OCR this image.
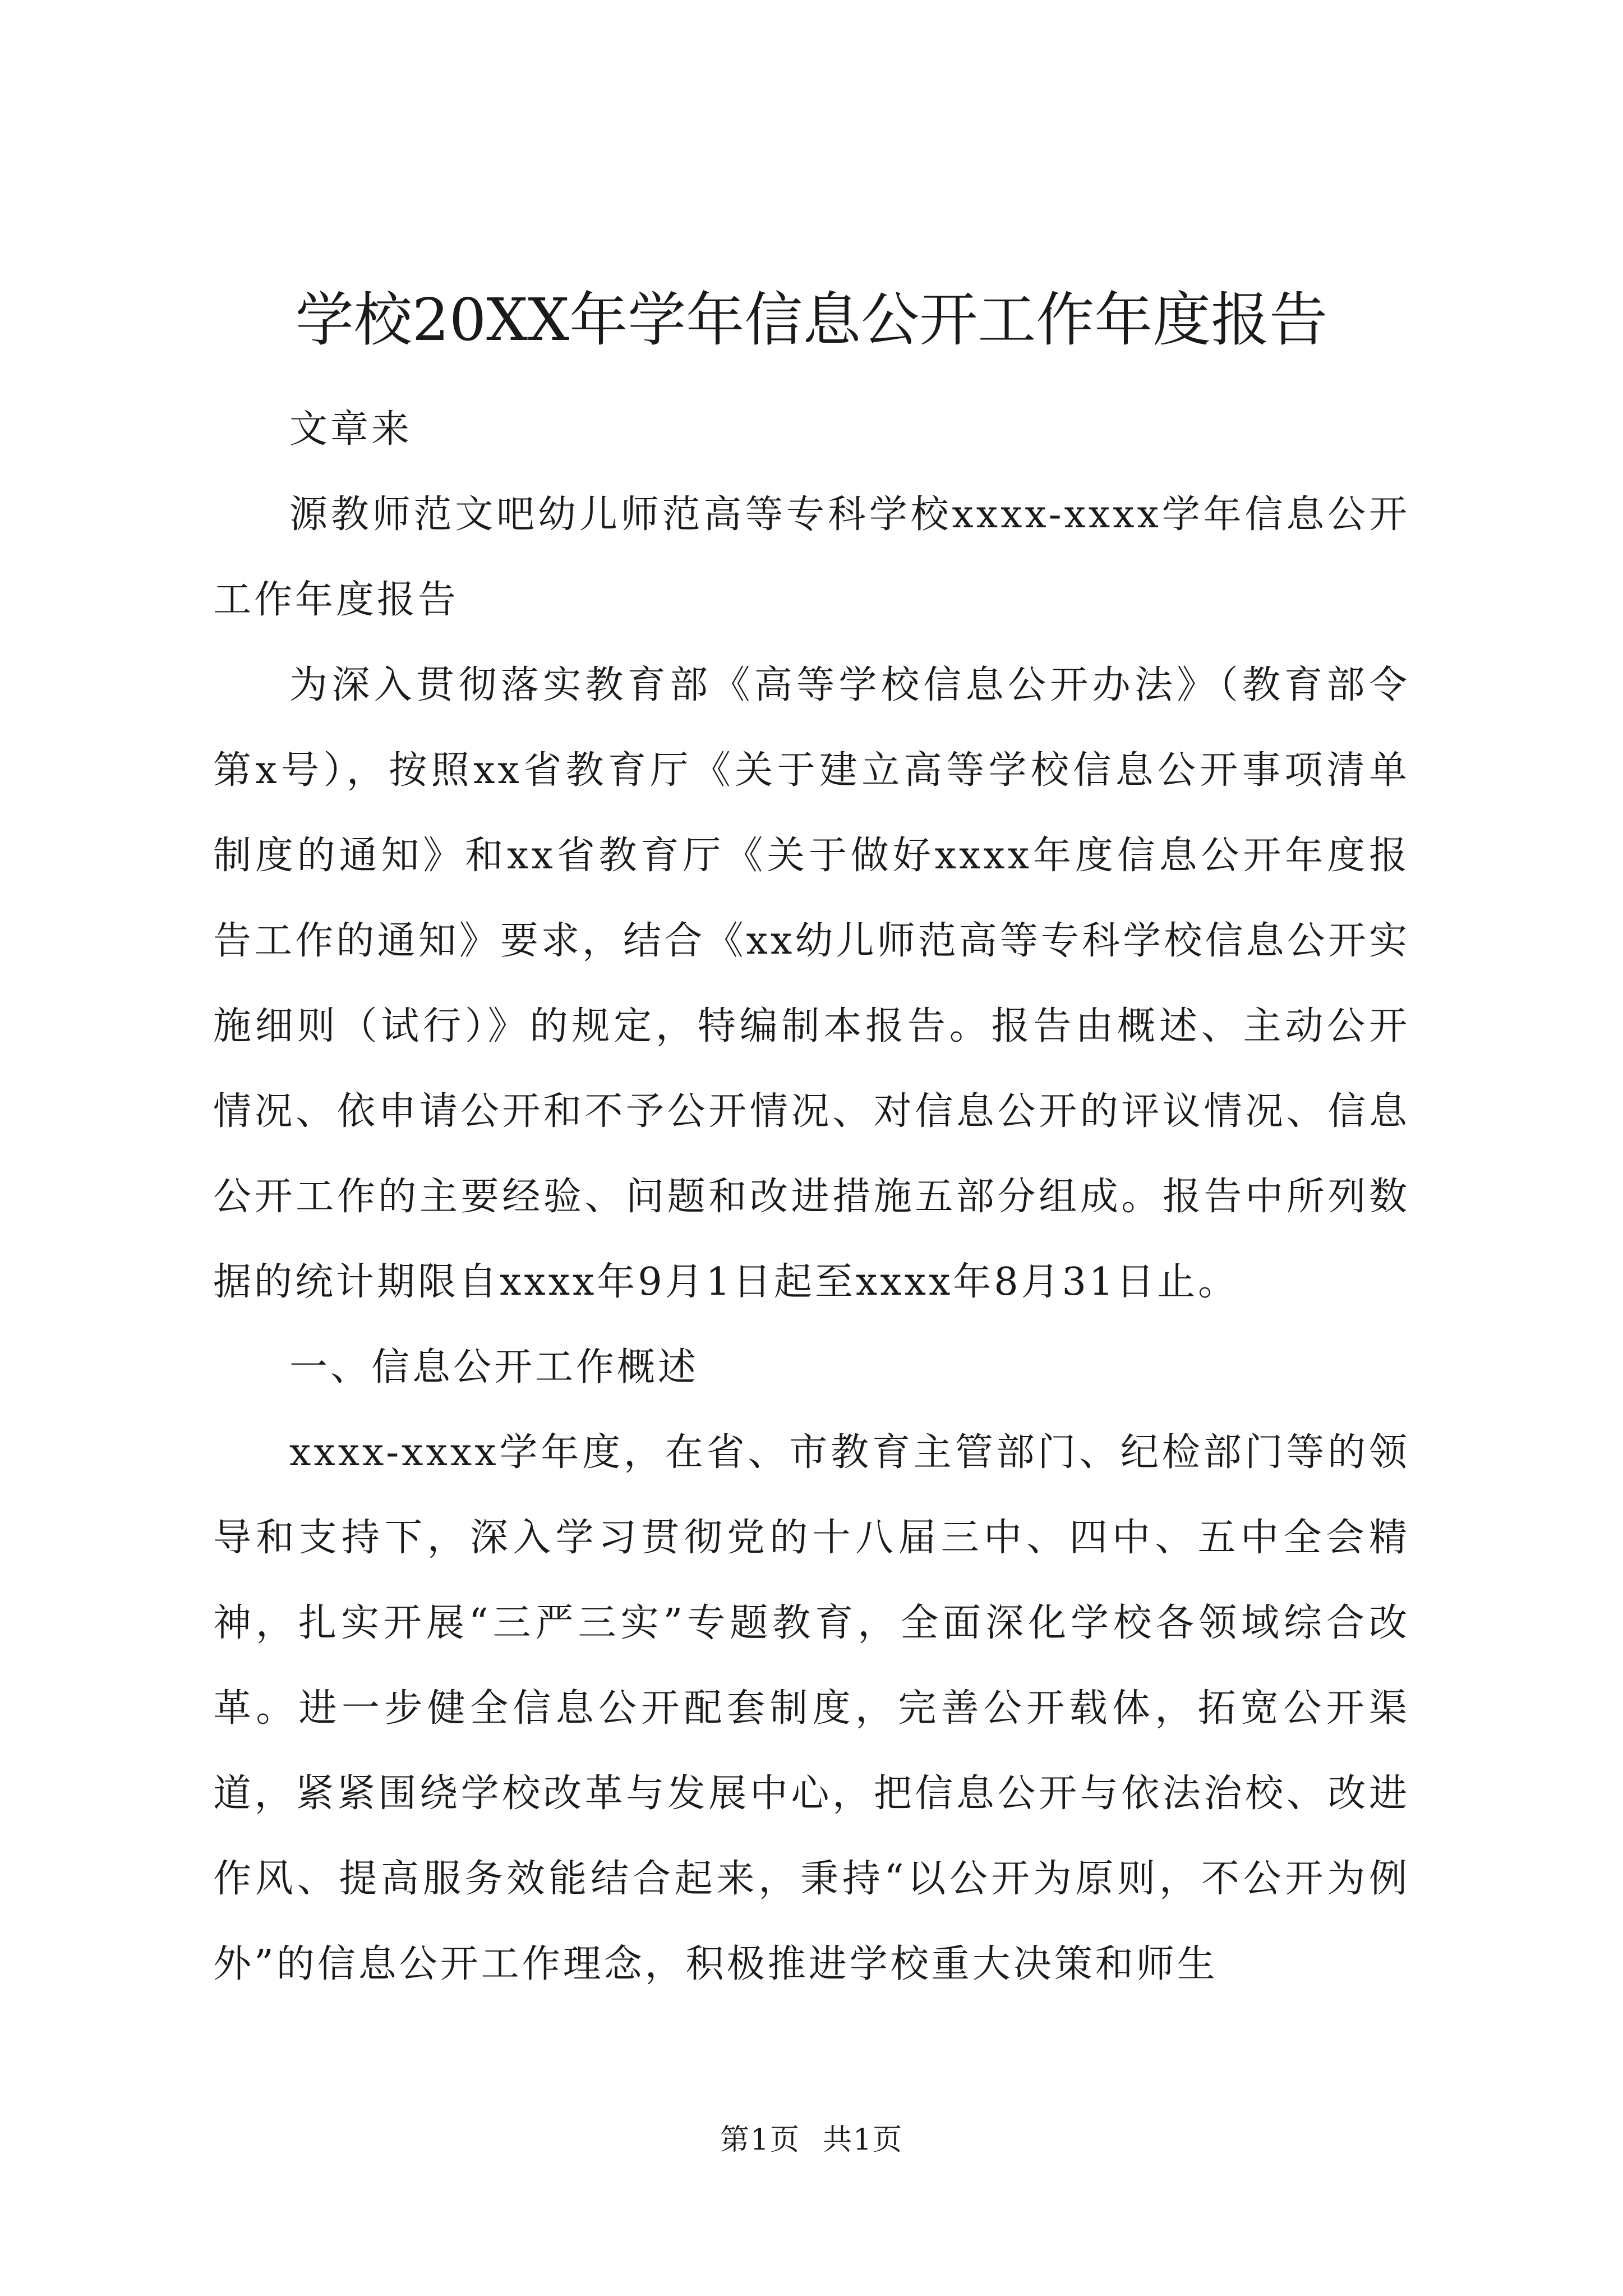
学校20XX年学年信息公开工作年度报告

文章来

源教师范文吧幼儿师范高等专科学校xxxx-xxxx学年信息公开工作年度报告

为深入贯彻落实教育部《高等学校信息公开办法》（教育部令第x号），按照xx省教育厅《关于建立高等学校信息公开事项清单制度的通知》和xx省教育厅《关于做好xxxx年度信息公开年度报告工作的通知》要求，结合《xx幼儿师范高等专科学校信息公开实施细则（试行）》的规定，特编制本报告。报告由概述、主动公开情况、依申请公开和不予公开情况、对信息公开的评议情况、信息公开工作的主要经验、问题和改进措施五部分组成。报告中所列数据的统计期限自xxxx年9月1日起至xxxx年8月31日止。

一、信息公开工作概述

xxxx-xxxx学年度，在省、市教育主管部门、纪检部门等的领导和支持下，深入学习贯彻党的十八届三中、四中、五中全会精神，扎实开展“三严三实”专题教育，全面深化学校各领域综合改革。进一步健全信息公开配套制度，完善公开载体，拓宽公开渠道，紧紧围绕学校改革与发展中心，把信息公开与依法治校、改进作风、提高服务效能结合起来，秉持“以公开为原则，不公开为例外”的信息公开工作理念，积极推进学校重大决策和师生

第1页 共1页
